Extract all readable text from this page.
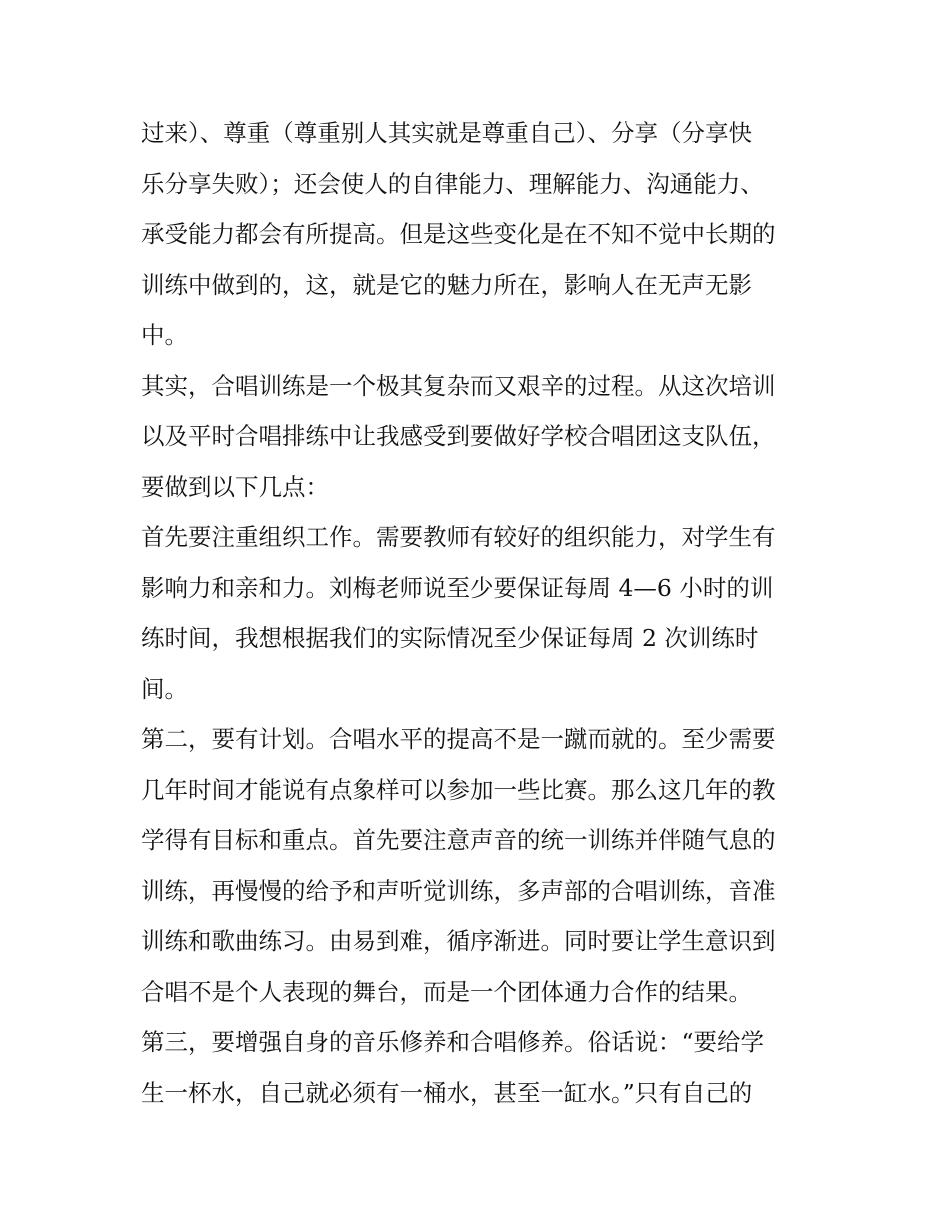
过来）、尊重（尊重别人其实就是尊重自己）、分享（分享快
乐分享失败）；还会使人的自律能力、理解能力、沟通能力、
承受能力都会有所提高。但是这些变化是在不知不觉中长期的
训练中做到的，这，就是它的魅力所在，影响人在无声无影
中。
其实，合唱训练是一个极其复杂而又艰辛的过程。从这次培训
以及平时合唱排练中让我感受到要做好学校合唱团这支队伍，
要做到以下几点：
首先要注重组织工作。需要教师有较好的组织能力，对学生有
影响力和亲和力。刘梅老师说至少要保证每周 4—6 小时的训
练时间，我想根据我们的实际情况至少保证每周 2 次训练时
间。
第二，要有计划。合唱水平的提高不是一蹴而就的。至少需要
几年时间才能说有点象样可以参加一些比赛。那么这几年的教
学得有目标和重点。首先要注意声音的统一训练并伴随气息的
训练，再慢慢的给予和声听觉训练，多声部的合唱训练，音准
训练和歌曲练习。由易到难，循序渐进。同时要让学生意识到
合唱不是个人表现的舞台，而是一个团体通力合作的结果。
第三，要增强自身的音乐修养和合唱修养。俗话说：“要给学
生一杯水，自己就必须有一桶水，甚至一缸水。”只有自己的
